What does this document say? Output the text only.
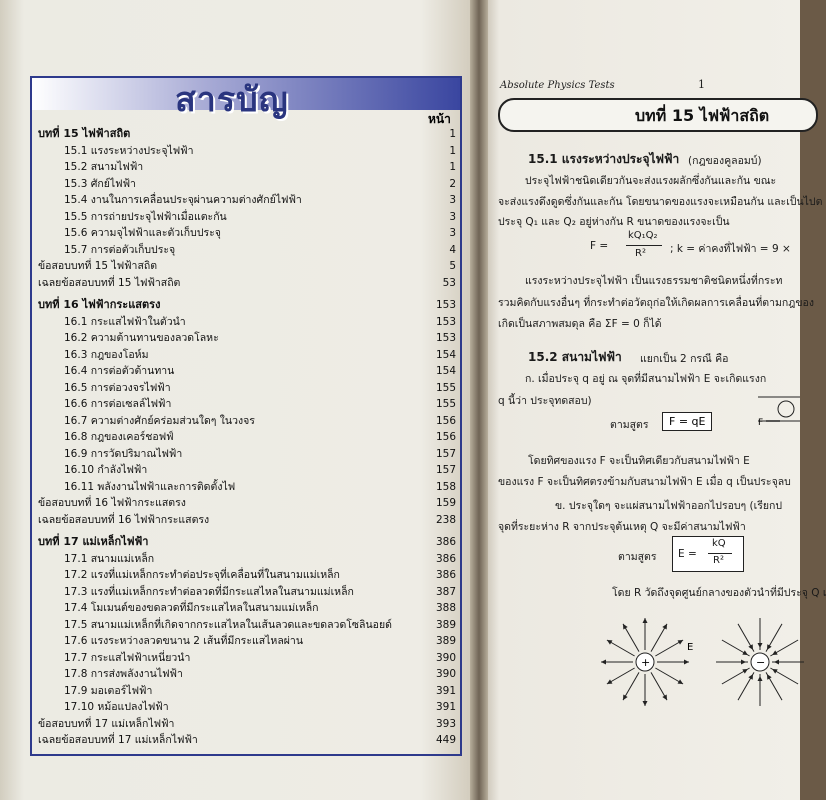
สารบัญ	หน้า
บทที่ 15 ไฟฟ้าสถิต	1
15.1 แรงระหว่างประจุไฟฟ้า	1
15.2 สนามไฟฟ้า	1
15.3 ศักย์ไฟฟ้า	2
15.4 งานในการเคลื่อนประจุผ่านความต่างศักย์ไฟฟ้า	3
15.5 การถ่ายประจุไฟฟ้าเมื่อแตะกัน	3
15.6 ความจุไฟฟ้าและตัวเก็บประจุ	3
15.7 การต่อตัวเก็บประจุ	4
ข้อสอบบทที่ 15 ไฟฟ้าสถิต	5
เฉลยข้อสอบบทที่ 15 ไฟฟ้าสถิต	53
บทที่ 16 ไฟฟ้ากระแสตรง	153
16.1 กระแสไฟฟ้าในตัวนำ	153
16.2 ความต้านทานของลวดโลหะ	153
16.3 กฎของโอห์ม	154
16.4 การต่อตัวต้านทาน	154
16.5 การต่อวงจรไฟฟ้า	155
16.6 การต่อเซลล์ไฟฟ้า	155
16.7 ความต่างศักย์คร่อมส่วนใดๆ ในวงจร	156
16.8 กฎของเคอร์ชอฟฟ์	156
16.9 การวัดปริมาณไฟฟ้า	157
16.10 กำลังไฟฟ้า	157
16.11 พลังงานไฟฟ้าและการติดตั้งไฟ	158
ข้อสอบบทที่ 16 ไฟฟ้ากระแสตรง	159
เฉลยข้อสอบบทที่ 16 ไฟฟ้ากระแสตรง	238
บทที่ 17 แม่เหล็กไฟฟ้า	386
17.1 สนามแม่เหล็ก	386
17.2 แรงที่แม่เหล็กกระทำต่อประจุที่เคลื่อนที่ในสนามแม่เหล็ก	386
17.3 แรงที่แม่เหล็กกระทำต่อลวดที่มีกระแสไหลในสนามแม่เหล็ก	387
17.4 โมเมนต์ของขดลวดที่มีกระแสไหลในสนามแม่เหล็ก	388
17.5 สนามแม่เหล็กที่เกิดจากกระแสไหลในเส้นลวดและขดลวดโซลินอยด์	389
17.6 แรงระหว่างลวดขนาน 2 เส้นที่มีกระแสไหลผ่าน	389
17.7 กระแสไฟฟ้าเหนี่ยวนำ	390
17.8 การส่งพลังงานไฟฟ้า	390
17.9 มอเตอร์ไฟฟ้า	391
17.10 หม้อแปลงไฟฟ้า	391
ข้อสอบบทที่ 17 แม่เหล็กไฟฟ้า	393
เฉลยข้อสอบบทที่ 17 แม่เหล็กไฟฟ้า	449
Absolute Physics Tests	1
บทที่ 15 ไฟฟ้าสถิต
15.1 แรงระหว่างประจุไฟฟ้า (กฎของคูลอมบ์)
ประจุไฟฟ้าชนิดเดียวกันจะส่งแรงผลักซึ่งกันและกัน ขณะ
จะส่งแรงดึงดูดซึ่งกันและกัน โดยขนาดของแรงจะเหมือนกัน และเป็นไปต
ประจุ Q₁ และ Q₂ อยู่ห่างกัน R ขนาดของแรงจะเป็น
F =
kQ₁Q₂
R² ; k = ค่าคงที่ไฟฟ้า = 9 ×
แรงระหว่างประจุไฟฟ้า เป็นแรงธรรมชาติชนิดหนึ่งที่กระท
รวมคิดกับแรงอื่นๆ ที่กระทำต่อวัตถุก่อให้เกิดผลการเคลื่อนที่ตามกฎของ
เกิดเป็นสภาพสมดุล คือ ΣF = 0 ก็ได้
15.2 สนามไฟฟ้า แยกเป็น 2 กรณี คือ
ก. เมื่อประจุ q อยู่ ณ จุดที่มีสนามไฟฟ้า E จะเกิดแรงก
q นี้ว่า ประจุทดสอบ)
ตามสูตร	F = qE	F
โดยทิศของแรง F จะเป็นทิศเดียวกับสนามไฟฟ้า E
ของแรง F จะเป็นทิศตรงข้ามกับสนามไฟฟ้า E เมื่อ q เป็นประจุลบ
ข. ประจุใดๆ จะแผ่สนามไฟฟ้าออกไปรอบๆ (เรียกป
จุดที่ระยะห่าง R จากประจุต้นเหตุ Q จะมีค่าสนามไฟฟ้า
ตามสูตร E =
kQ
R²
โดย R วัดถึงจุดศูนย์กลางของตัวนำที่มีประจุ Q เ
+	−
E
